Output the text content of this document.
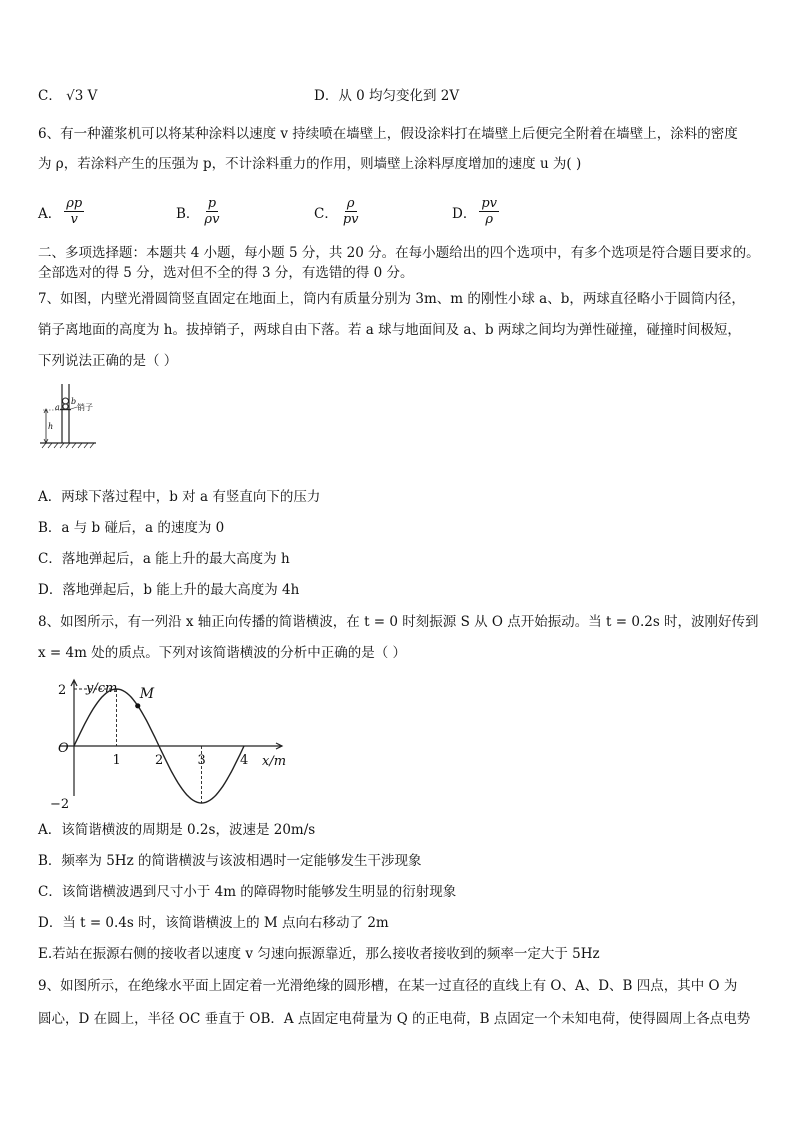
C． √3 V	D．从 0 均匀变化到 2V
6、有一种灌浆机可以将某种涂料以速度 v 持续喷在墙壁上，假设涂料打在墙壁上后便完全附着在墙壁上，涂料的密度
为 ρ，若涂料产生的压强为 p，不计涂料重力的作用，则墙壁上涂料厚度增加的速度 u 为( )
A． $\frac{\rho p}{v}$	B． $\frac{p}{\rho v}$	C． $\frac{\rho}{pv}$	D． $\frac{pv}{\rho}$
二、多项选择题：本题共 4 小题，每小题 5 分，共 20 分。在每小题给出的四个选项中，有多个选项是符合题目要求的。
全部选对的得 5 分，选对但不全的得 3 分，有选错的得 0 分。
7、如图，内壁光滑圆筒竖直固定在地面上，筒内有质量分别为 3m、m 的刚性小球 a、b，两球直径略小于圆筒内径，
销子离地面的高度为 h。拔掉销子，两球自由下落。若 a 球与地面间及 a、b 两球之间均为弹性碰撞，碰撞时间极短，
下列说法正确的是（ ）
a
b
销子
h
A．两球下落过程中，b 对 a 有竖直向下的压力
B．a 与 b 碰后，a 的速度为 0
C．落地弹起后，a 能上升的最大高度为 h
D．落地弹起后，b 能上升的最大高度为 4h
8、如图所示，有一列沿 x 轴正向传播的简谐横波，在 t = 0 时刻振源 S 从 O 点开始振动。当 t = 0.2s 时，波刚好传到
x = 4m 处的质点。下列对该简谐横波的分析中正确的是（ ）
y/cm
x/m
O
1	2	3	4
2
−2
M
A．该简谐横波的周期是 0.2s，波速是 20m/s
B．频率为 5Hz 的简谐横波与该波相遇时一定能够发生干涉现象
C．该简谐横波遇到尺寸小于 4m 的障碍物时能够发生明显的衍射现象
D．当 t = 0.4s 时，该简谐横波上的 M 点向右移动了 2m
E.若站在振源右侧的接收者以速度 v 匀速向振源靠近，那么接收者接收到的频率一定大于 5Hz
9、如图所示，在绝缘水平面上固定着一光滑绝缘的圆形槽，在某一过直径的直线上有 O、A、D、B 四点，其中 O 为
圆心，D 在圆上，半径 OC 垂直于 OB．A 点固定电荷量为 Q 的正电荷，B 点固定一个未知电荷，使得圆周上各点电势
